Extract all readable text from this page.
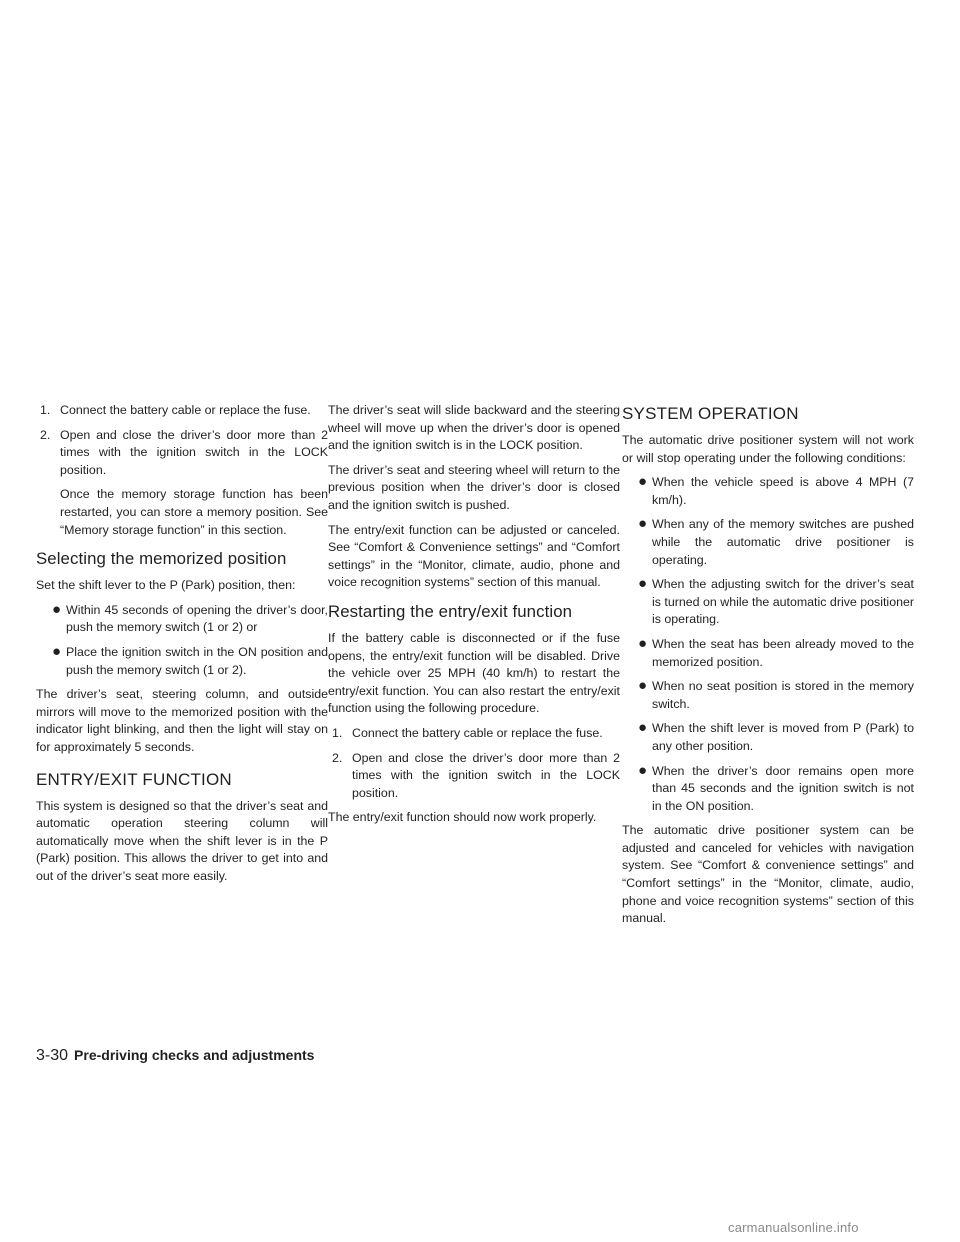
1. Connect the battery cable or replace the fuse.
2. Open and close the driver’s door more than 2 times with the ignition switch in the LOCK position.

Once the memory storage function has been restarted, you can store a memory position. See “Memory storage function” in this section.

Selecting the memorized position

Set the shift lever to the P (Park) position, then:

● Within 45 seconds of opening the driver’s door, push the memory switch (1 or 2) or
● Place the ignition switch in the ON position and push the memory switch (1 or 2).

The driver’s seat, steering column, and outside mirrors will move to the memorized position with the indicator light blinking, and then the light will stay on for approximately 5 seconds.

ENTRY/EXIT FUNCTION

This system is designed so that the driver’s seat and automatic operation steering column will automatically move when the shift lever is in the P (Park) position. This allows the driver to get into and out of the driver’s seat more easily.

The driver’s seat will slide backward and the steering wheel will move up when the driver’s door is opened and the ignition switch is in the LOCK position.

The driver’s seat and steering wheel will return to the previous position when the driver’s door is closed and the ignition switch is pushed.

The entry/exit function can be adjusted or canceled. See “Comfort & Convenience settings” and “Comfort settings” in the “Monitor, climate, audio, phone and voice recognition systems” section of this manual.

Restarting the entry/exit function

If the battery cable is disconnected or if the fuse opens, the entry/exit function will be disabled. Drive the vehicle over 25 MPH (40 km/h) to restart the entry/exit function. You can also restart the entry/exit function using the following procedure.

1. Connect the battery cable or replace the fuse.
2. Open and close the driver’s door more than 2 times with the ignition switch in the LOCK position.

The entry/exit function should now work properly.

SYSTEM OPERATION

The automatic drive positioner system will not work or will stop operating under the following conditions:

● When the vehicle speed is above 4 MPH (7 km/h).
● When any of the memory switches are pushed while the automatic drive positioner is operating.
● When the adjusting switch for the driver’s seat is turned on while the automatic drive positioner is operating.
● When the seat has been already moved to the memorized position.
● When no seat position is stored in the memory switch.
● When the shift lever is moved from P (Park) to any other position.
● When the driver’s door remains open more than 45 seconds and the ignition switch is not in the ON position.

The automatic drive positioner system can be adjusted and canceled for vehicles with navigation system. See “Comfort & convenience settings” and “Comfort settings” in the “Monitor, climate, audio, phone and voice recognition systems” section of this manual.

3-30 Pre-driving checks and adjustments
carmanualsonline.info
